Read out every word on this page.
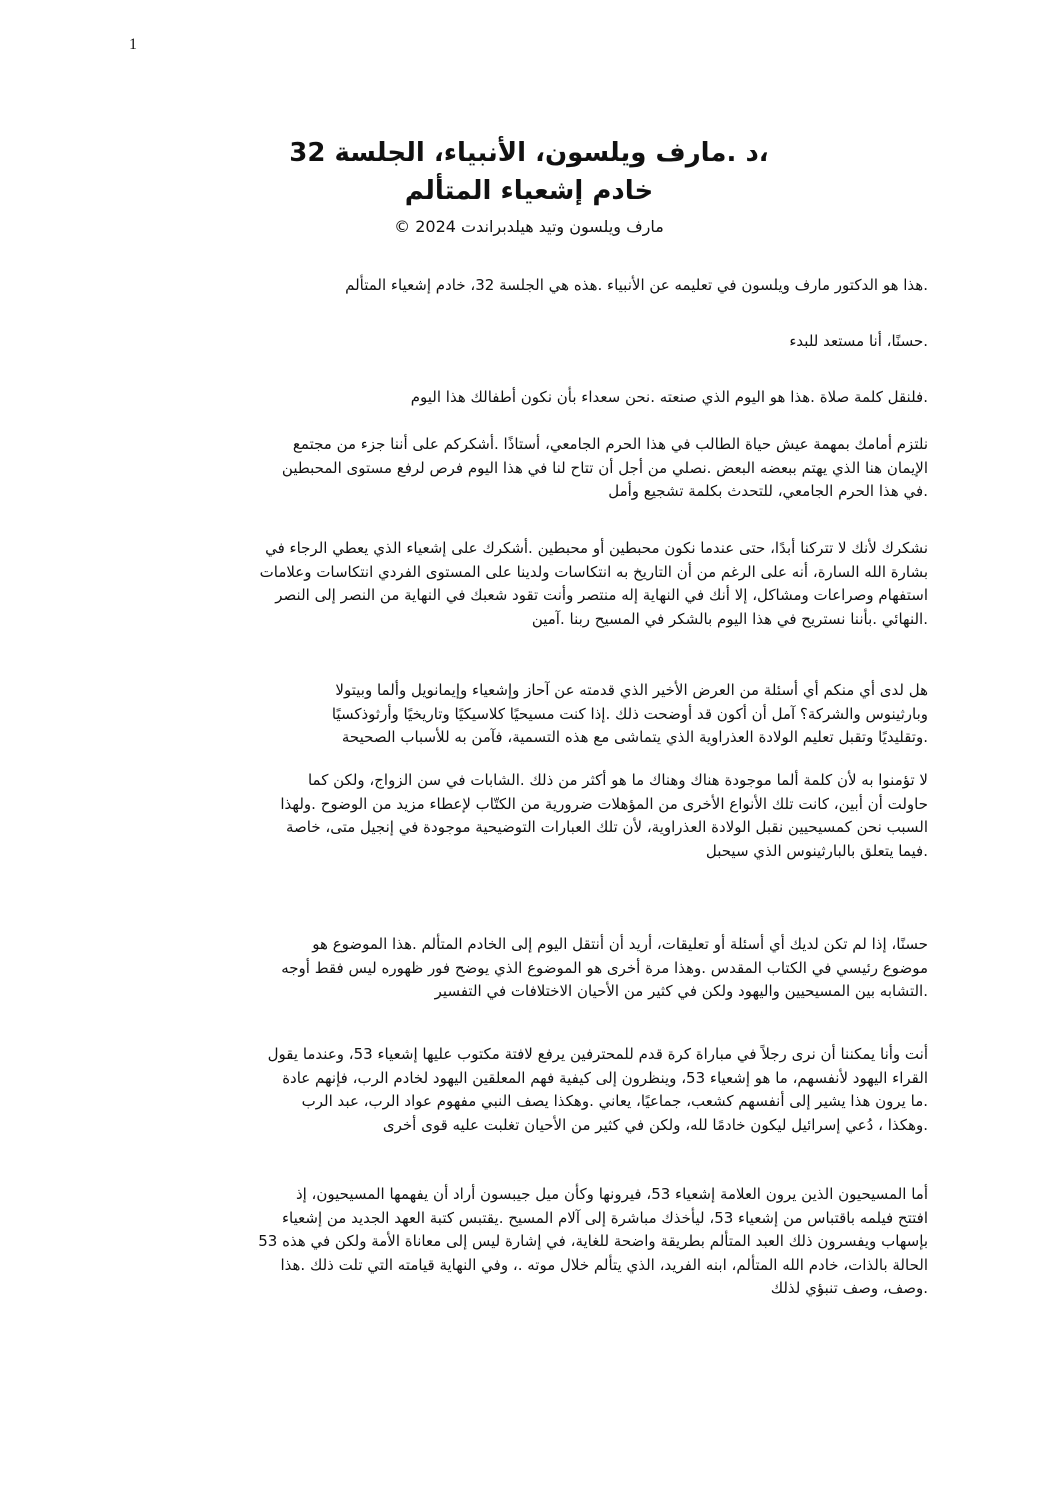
1
،د .مارف ويلسون، الأنبياء، الجلسة 32
خادم إشعياء المتألم
مارف ويلسون وتيد هيلدبراندت 2024 ©
.هذا هو الدكتور مارف ويلسون في تعليمه عن الأنبياء .هذه هي الجلسة 32، خادم إشعياء المتألم
.حسنًا، أنا مستعد للبدء
.فلنقل كلمة صلاة .هذا هو اليوم الذي صنعته .نحن سعداء بأن نكون أطفالك هذا اليوم
نلتزم أمامك بمهمة عيش حياة الطالب في هذا الحرم الجامعي، أستاذًا .أشكركم على أننا جزء من مجتمع
الإيمان هنا الذي يهتم ببعضه البعض .نصلي من أجل أن تتاح لنا في هذا اليوم فرص لرفع مستوى المحبطين
.في هذا الحرم الجامعي، للتحدث بكلمة تشجيع وأمل
نشكرك لأنك لا تتركنا أبدًا، حتى عندما نكون محبطين أو محبطين .أشكرك على إشعياء الذي يعطي الرجاء في
بشارة الله السارة، أنه على الرغم من أن التاريخ به انتكاسات ولدينا على المستوى الفردي انتكاسات وعلامات
استفهام وصراعات ومشاكل، إلا أنك في النهاية إله منتصر وأنت تقود شعبك في النهاية من النصر إلى النصر
.النهائي .بأننا نستريح في هذا اليوم بالشكر في المسيح ربنا .آمين
هل لدى أي منكم أي أسئلة من العرض الأخير الذي قدمته عن آحاز وإشعياء وإيمانويل وألما وبيتولا
وبارثينوس والشركة؟ آمل أن أكون قد أوضحت ذلك .إذا كنت مسيحيًا كلاسيكيًا وتاريخيًا وأرثوذكسيًا
.وتقليديًا وتقبل تعليم الولادة العذراوية الذي يتماشى مع هذه التسمية، فآمن به للأسباب الصحيحة
لا تؤمنوا به لأن كلمة ألما موجودة هناك وهناك ما هو أكثر من ذلك .الشابات في سن الزواج، ولكن كما
حاولت أن أبين، كانت تلك الأنواع الأخرى من المؤهلات ضرورية من الكتّاب لإعطاء مزيد من الوضوح .ولهذا
السبب نحن كمسيحيين نقبل الولادة العذراوية، لأن تلك العبارات التوضيحية موجودة في إنجيل متى، خاصة
.فيما يتعلق بالبارثينوس الذي سيحبل
حسنًا، إذا لم تكن لديك أي أسئلة أو تعليقات، أريد أن أنتقل اليوم إلى الخادم المتألم .هذا الموضوع هو
موضوع رئيسي في الكتاب المقدس .وهذا مرة أخرى هو الموضوع الذي يوضح فور ظهوره ليس فقط أوجه
.التشابه بين المسيحيين واليهود ولكن في كثير من الأحيان الاختلافات في التفسير
أنت وأنا يمكننا أن نرى رجلاً في مباراة كرة قدم للمحترفين يرفع لافتة مكتوب عليها إشعياء 53، وعندما يقول
القراء اليهود لأنفسهم، ما هو إشعياء 53، وينظرون إلى كيفية فهم المعلقين اليهود لخادم الرب، فإنهم عادة
.ما يرون هذا يشير إلى أنفسهم كشعب، جماعيًا، يعاني .وهكذا يصف النبي مفهوم عواد الرب، عبد الرب
.وهكذا ، دُعي إسرائيل ليكون خادمًا لله، ولكن في كثير من الأحيان تغلبت عليه قوى أخرى
أما المسيحيون الذين يرون العلامة إشعياء 53، فيرونها وكأن ميل جيبسون أراد أن يفهمها المسيحيون، إذ
افتتح فيلمه باقتباس من إشعياء 53، ليأخذك مباشرة إلى آلام المسيح .يقتبس كتبة العهد الجديد من إشعياء
بإسهاب ويفسرون ذلك العبد المتألم بطريقة واضحة للغاية، في إشارة ليس إلى معاناة الأمة ولكن في هذه 53
الحالة بالذات، خادم الله المتألم، ابنه الفريد، الذي يتألم خلال موته .، وفي النهاية قيامته التي تلت ذلك .هذا
.وصف، وصف تنبؤي لذلك
